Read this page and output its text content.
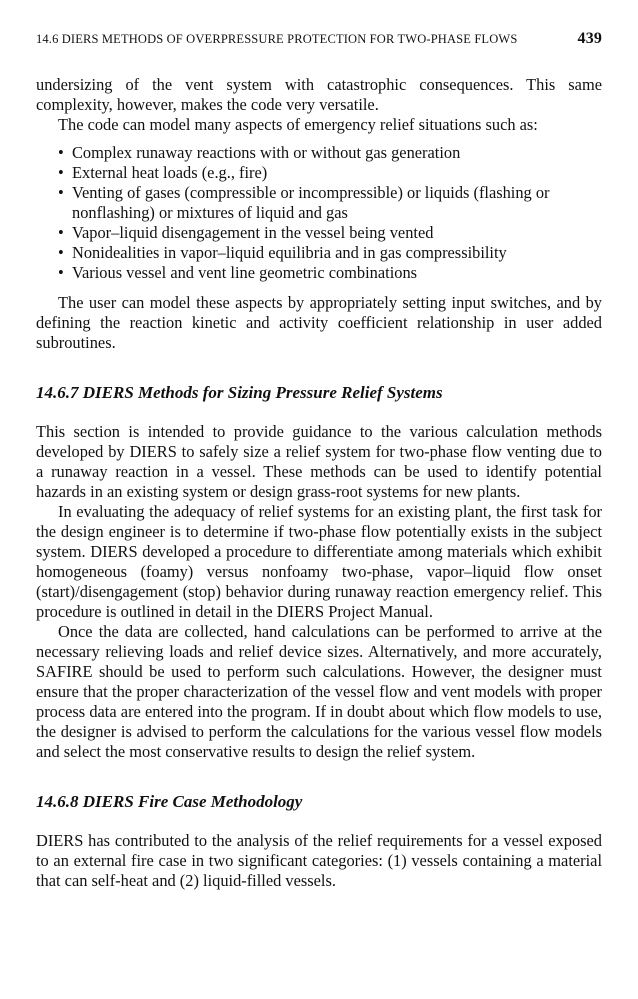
14.6 DIERS METHODS OF OVERPRESSURE PROTECTION FOR TWO-PHASE FLOWS	439

undersizing of the vent system with catastrophic consequences. This same complexity, however, makes the code very versatile.

The code can model many aspects of emergency relief situations such as:

• Complex runaway reactions with or without gas generation
• External heat loads (e.g., fire)
• Venting of gases (compressible or incompressible) or liquids (flashing or nonflashing) or mixtures of liquid and gas
• Vapor–liquid disengagement in the vessel being vented
• Nonidealities in vapor–liquid equilibria and in gas compressibility
• Various vessel and vent line geometric combinations

The user can model these aspects by appropriately setting input switches, and by defining the reaction kinetic and activity coefficient relationship in user added subroutines.

14.6.7 DIERS Methods for Sizing Pressure Relief Systems

This section is intended to provide guidance to the various calculation methods developed by DIERS to safely size a relief system for two-phase flow venting due to a runaway reaction in a vessel. These methods can be used to identify potential hazards in an existing system or design grass-root systems for new plants.

In evaluating the adequacy of relief systems for an existing plant, the first task for the design engineer is to determine if two-phase flow potentially exists in the subject system. DIERS developed a procedure to differentiate among materials which exhibit homogeneous (foamy) versus nonfoamy two-phase, vapor–liquid flow onset (start)/disengagement (stop) behavior during runaway reaction emergency relief. This procedure is outlined in detail in the DIERS Project Manual.

Once the data are collected, hand calculations can be performed to arrive at the necessary relieving loads and relief device sizes. Alternatively, and more accurately, SAFIRE should be used to perform such calculations. However, the designer must ensure that the proper characterization of the vessel flow and vent models with proper process data are entered into the program. If in doubt about which flow models to use, the designer is advised to perform the calculations for the various vessel flow models and select the most conservative results to design the relief system.

14.6.8 DIERS Fire Case Methodology

DIERS has contributed to the analysis of the relief requirements for a vessel exposed to an external fire case in two significant categories: (1) vessels containing a material that can self-heat and (2) liquid-filled vessels.
